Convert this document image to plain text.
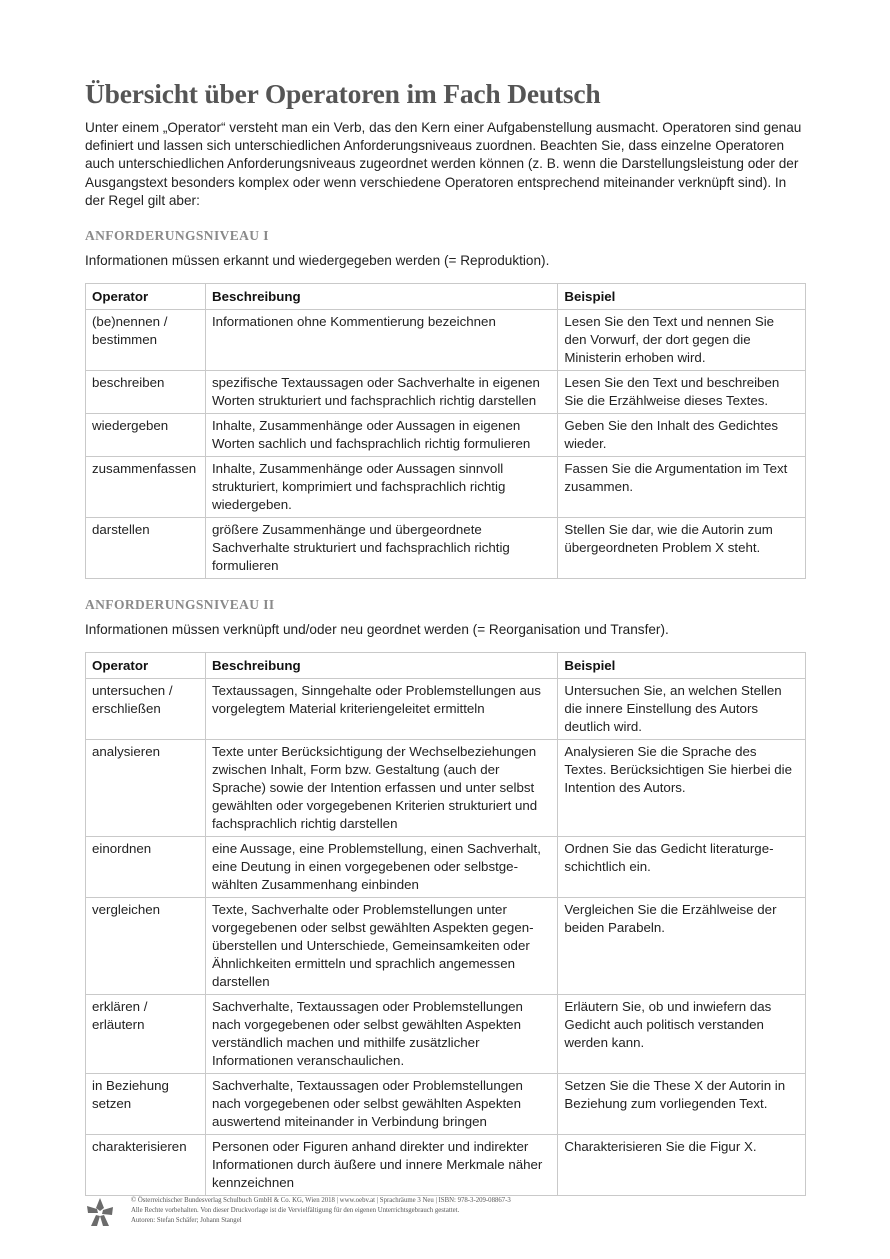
Übersicht über Operatoren im Fach Deutsch

Unter einem „Operator“ versteht man ein Verb, das den Kern einer Aufgabenstellung ausmacht. Operatoren sind genau definiert und lassen sich unterschiedlichen Anforderungsniveaus zuordnen. Beachten Sie, dass einzelne Operatoren auch unterschiedlichen Anforderungsniveaus zugeordnet werden können (z. B. wenn die Darstellungsleistung oder der Ausgangstext besonders komplex oder wenn verschiedene Operatoren entsprechend miteinander verknüpft sind). In der Regel gilt aber:

ANFORDERUNGSNIVEAU I

Informationen müssen erkannt und wiedergegeben werden (= Reproduktion).

Operator	Beschreibung	Beispiel
(be)nennen / bestimmen	Informationen ohne Kommentierung bezeichnen	Lesen Sie den Text und nennen Sie den Vorwurf, der dort gegen die Ministerin erhoben wird.
beschreiben	spezifische Textaussagen oder Sachverhalte in eigenen Worten strukturiert und fachsprachlich richtig darstellen	Lesen Sie den Text und beschreiben Sie die Erzählweise dieses Textes.
wiedergeben	Inhalte, Zusammenhänge oder Aussagen in eigenen Worten sachlich und fachsprachlich richtig formulieren	Geben Sie den Inhalt des Gedichtes wieder.
zusammenfassen	Inhalte, Zusammenhänge oder Aussagen sinnvoll strukturiert, komprimiert und fachsprachlich richtig wiedergeben.	Fassen Sie die Argumentation im Text zusammen.
darstellen	größere Zusammenhänge und übergeordnete Sachverhalte strukturiert und fachsprachlich richtig formulieren	Stellen Sie dar, wie die Autorin zum übergeordneten Problem X steht.
ANFORDERUNGSNIVEAU II

Informationen müssen verknüpft und/oder neu geordnet werden (= Reorganisation und Transfer).

Operator	Beschreibung	Beispiel
untersuchen / erschließen	Textaussagen, Sinngehalte oder Problemstellungen aus vorgelegtem Material kriteriengeleitet ermitteln	Untersuchen Sie, an welchen Stellen die innere Einstellung des Autors deutlich wird.
analysieren	Texte unter Berücksichtigung der Wechselbeziehungen zwischen Inhalt, Form bzw. Gestaltung (auch der Sprache) sowie der Intention erfassen und unter selbst gewählten oder vorgegebenen Kriterien strukturiert und fachsprachlich richtig darstellen	Analysieren Sie die Sprache des Textes. Berücksichtigen Sie hierbei die Intention des Autors.
einordnen	eine Aussage, eine Problemstellung, einen Sachverhalt, eine Deutung in einen vorgegebenen oder selbstgewählten Zusammenhang einbinden	Ordnen Sie das Gedicht literaturgeschichtlich ein.
vergleichen	Texte, Sachverhalte oder Problemstellungen unter vorgegebenen oder selbst gewählten Aspekten gegenüberstellen und Unterschiede, Gemeinsamkeiten oder Ähnlichkeiten ermitteln und sprachlich angemessen darstellen	Vergleichen Sie die Erzählweise der beiden Parabeln.
erklären / erläutern	Sachverhalte, Textaussagen oder Problemstellungen nach vorgegebenen oder selbst gewählten Aspekten verständlich machen und mithilfe zusätzlicher Informationen veranschaulichen.	Erläutern Sie, ob und inwiefern das Gedicht auch politisch verstanden werden kann.
in Beziehung setzen	Sachverhalte, Textaussagen oder Problemstellungen nach vorgegebenen oder selbst gewählten Aspekten auswertend miteinander in Verbindung bringen	Setzen Sie die These X der Autorin in Beziehung zum vorliegenden Text.
charakterisieren	Personen oder Figuren anhand direkter und indirekter Informationen durch äußere und innere Merkmale näher kennzeichnen	Charakterisieren Sie die Figur X.
© Österreichischer Bundesverlag Schulbuch GmbH & Co. KG, Wien 2018 | www.oebv.at | Sprachräume 3 Neu | ISBN: 978-3-209-08867-3
Alle Rechte vorbehalten. Von dieser Druckvorlage ist die Vervielfältigung für den eigenen Unterrichtsgebrauch gestattet.
Autoren: Stefan Schäfer; Johann Stangel
